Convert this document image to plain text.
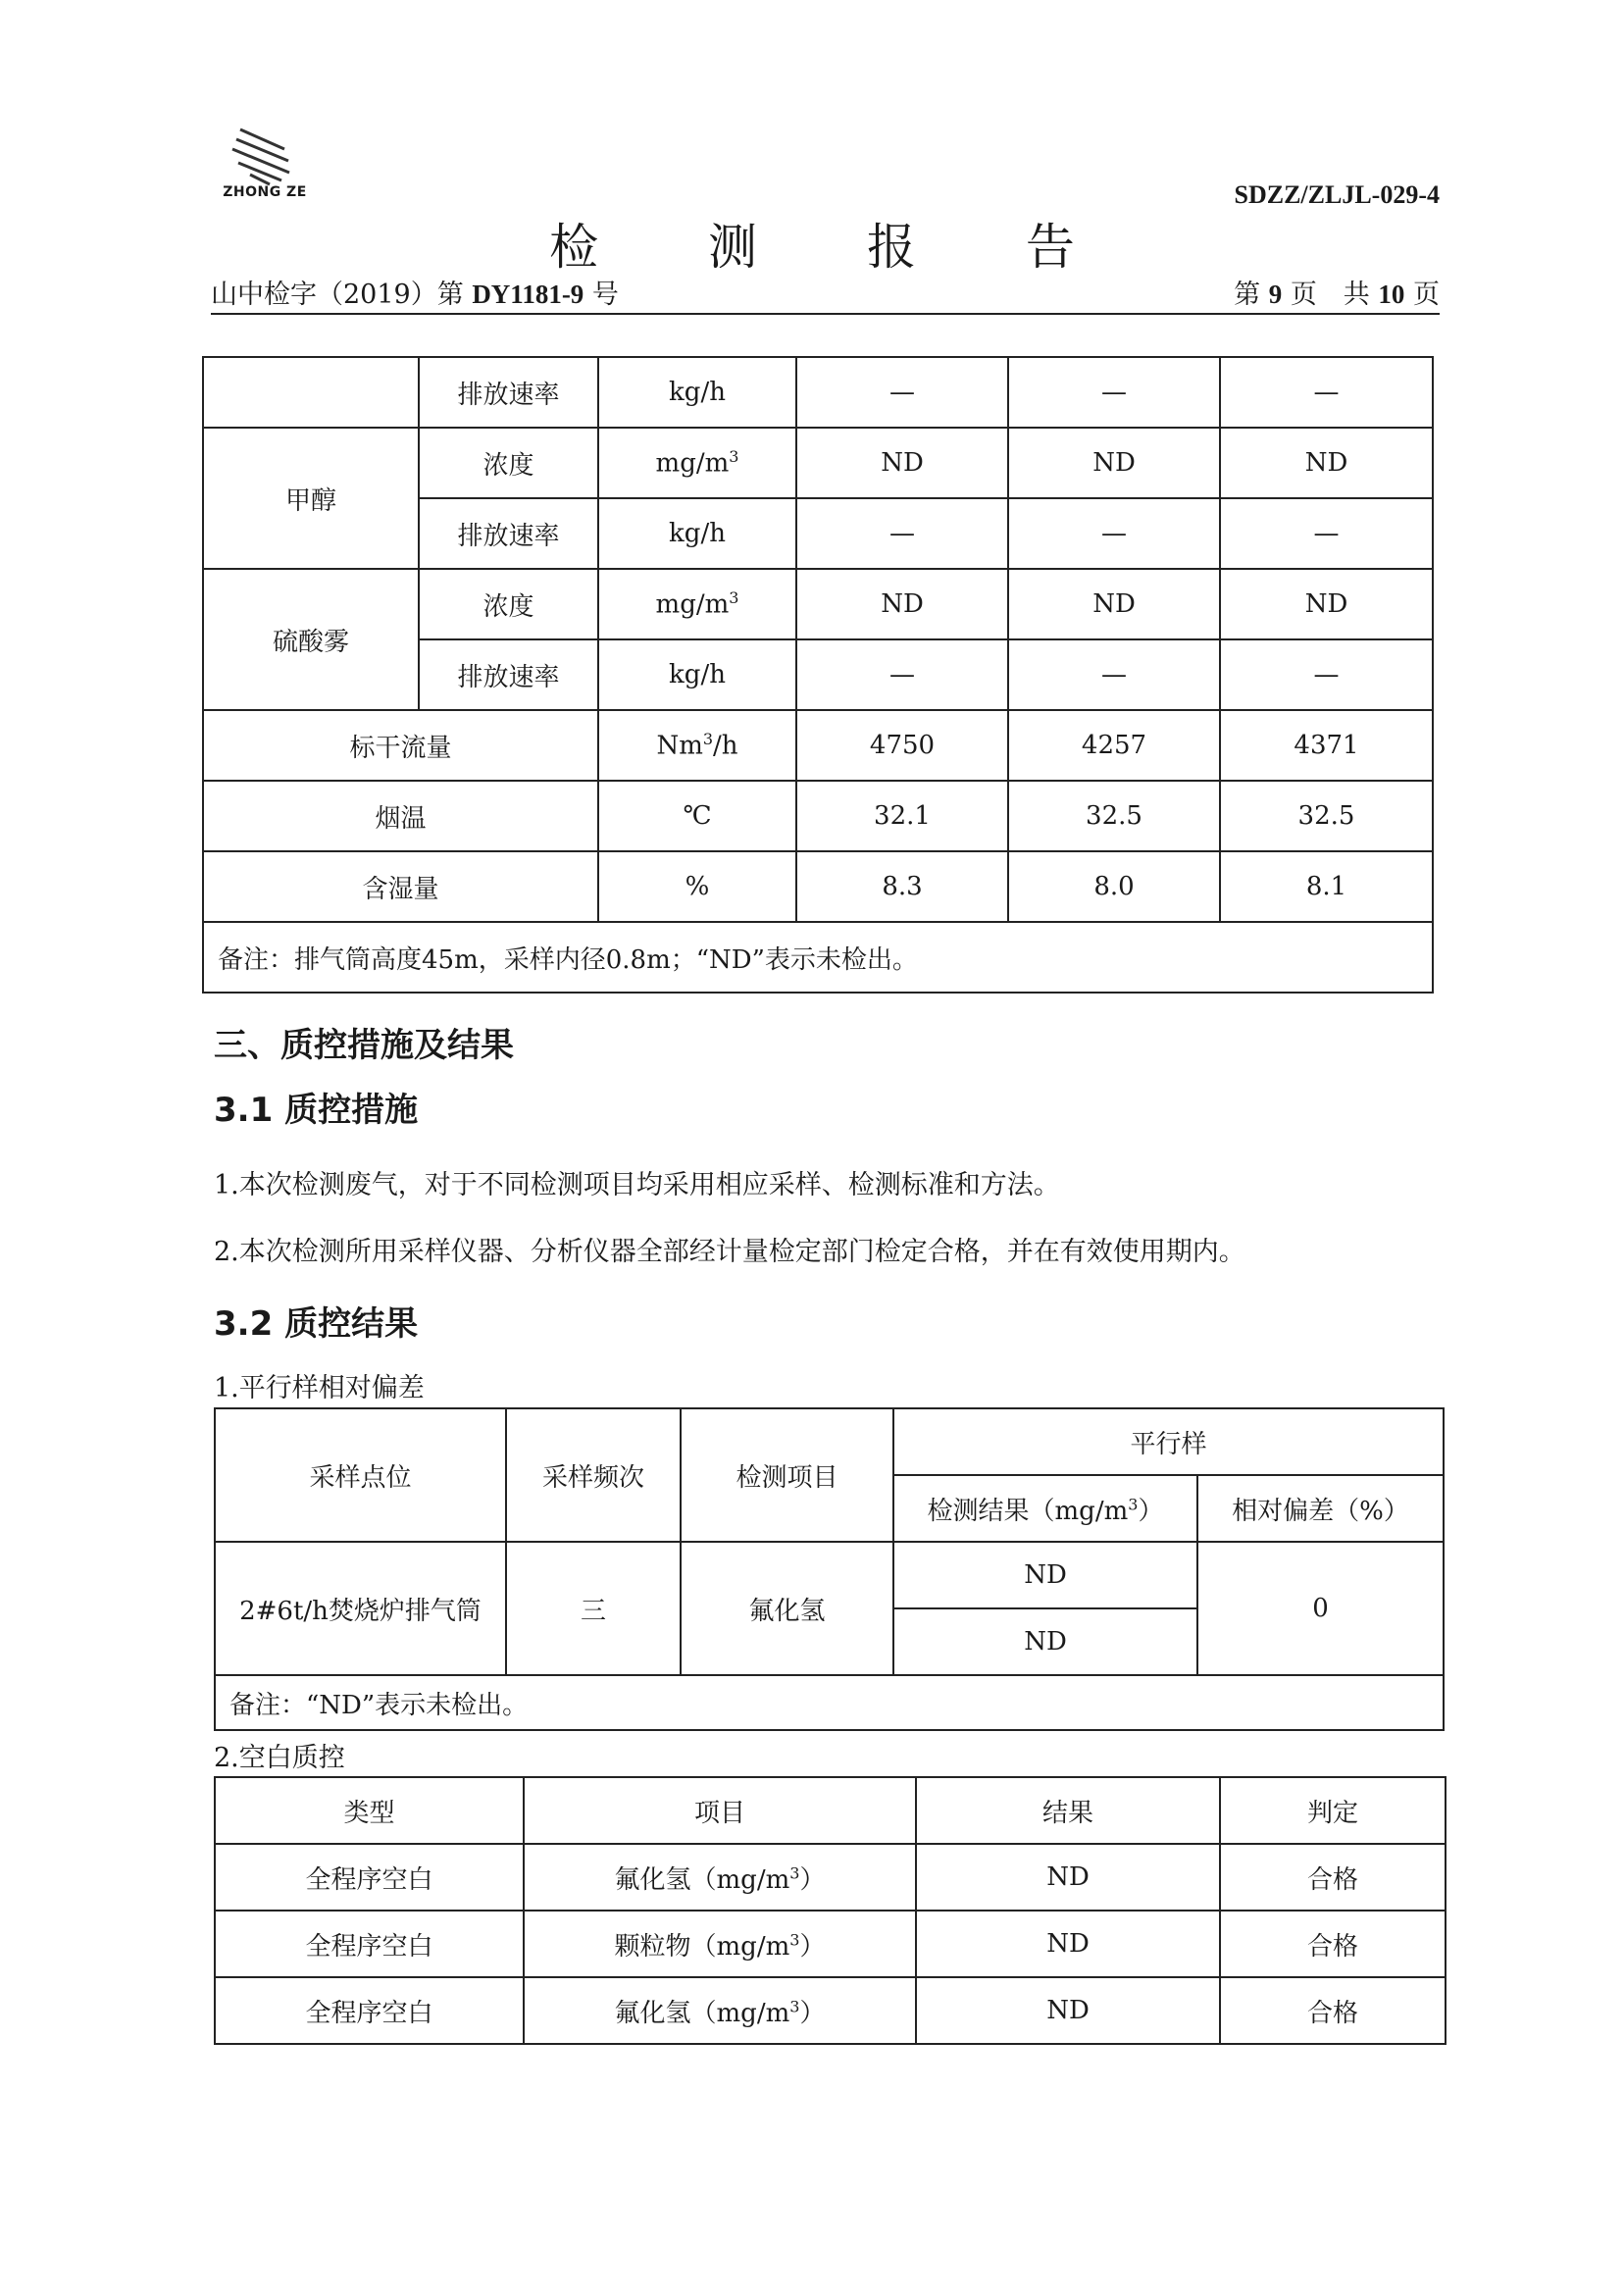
ZHONG ZE	SDZZ/ZLJL-029-4
检 测 报 告
山中检字（2019）第 DY1181-9 号	第 9 页　共 10 页
	排放速率	kg/h	—	—	—
甲醇	浓度	$mg/m^3$	ND	ND	ND
	排放速率	kg/h	—	—	—
硫酸雾	浓度	$mg/m^3$	ND	ND	ND
	排放速率	kg/h	—	—	—
标干流量		Nm$^3$/h	4750	4257	4371
烟温		℃	32.1	32.5	32.5
含湿量		%	8.3	8.0	8.1
备注：排气筒高度45m，采样内径0.8m；“ND”表示未检出。					
三、质控措施及结果
3.1 质控措施
1.本次检测废气，对于不同检测项目均采用相应采样、检测标准和方法。
2.本次检测所用采样仪器、分析仪器全部经计量检定部门检定合格，并在有效使用期内。
3.2 质控结果
1.平行样相对偏差
采样点位	采样频次	检测项目	平行样	
			检测结果$(mg/m^3)$	相对偏差（%）
2#6t/h焚烧炉排气筒	三	氟化氢	ND	0
			ND	
备注：“ND”表示未检出。				
2.空白质控
类型	项目	结果	判定
全程序空白	氟化氢$(mg/m^3)$	ND	合格
全程序空白	颗粒物$(mg/m^3)$	ND	合格
全程序空白	氟化氢$(mg/m^3)$	ND	合格
